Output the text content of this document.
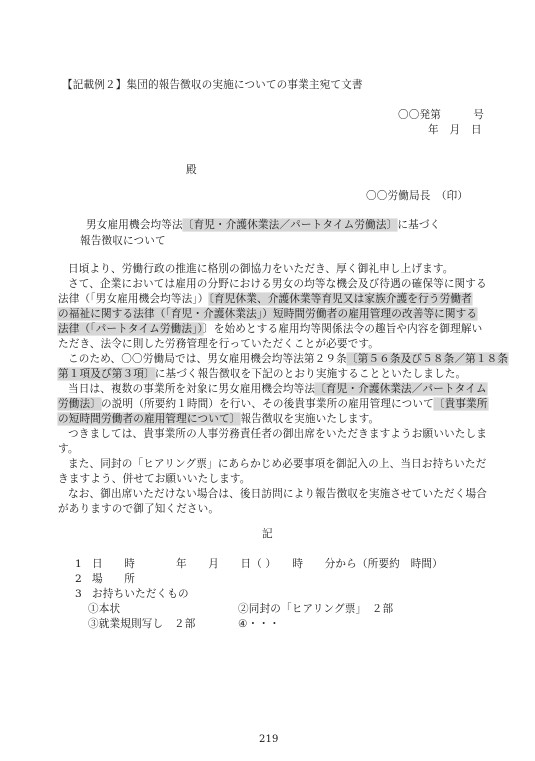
【記載例２】集団的報告徴収の実施についての事業主宛て文書
〇〇発第　　　号
年　月　日
殿
〇〇労働局長　（印）
男女雇用機会均等法〔育児・介護休業法／パートタイム労働法〕に基づく
報告徴収について
日頃より、労働行政の推進に格別の御協力をいただき、厚く御礼申し上げます。
さて、企業においては雇用の分野における男女の均等な機会及び待遇の確保等に関する
法律（「男女雇用機会均等法」）〔育児休業、介護休業等育児又は家族介護を行う労働者
の福祉に関する法律（「育児・介護休業法」）短時間労働者の雇用管理の改善等に関する
法律（「パートタイム労働法」）〕を始めとする雇用均等関係法令の趣旨や内容を御理解い
ただき、法令に則した労務管理を行っていただくことが必要です。
このため、〇〇労働局では、男女雇用機会均等法第２９条〔第５６条及び５８条／第１８条
第１項及び第３項〕に基づく報告徴収を下記のとおり実施することといたしました。
当日は、複数の事業所を対象に男女雇用機会均等法〔育児・介護休業法／パートタイム
労働法〕の説明（所要約１時間）を行い、その後貴事業所の雇用管理について〔貴事業所
の短時間労働者の雇用管理について〕報告徴収を実施いたします。
つきましては、貴事業所の人事労務責任者の御出席をいただきますようお願いいたしま
す。
また、同封の「ヒアリング票」にあらかじめ必要事項を御記入の上、当日お持ちいただ
きますよう、併せてお願いいたします。
なお、御出席いただけない場合は、後日訪問により報告徴収を実施させていただく場合
がありますので御了知ください。
記
1 日　　時	年　　月　　日（ ）　　時　　分から（所要約　時間）
2 場　　所
3 お持ちいただくもの
①本状	②同封の「ヒアリング票」　２部
③就業規則写し　２部	④・・・
219
